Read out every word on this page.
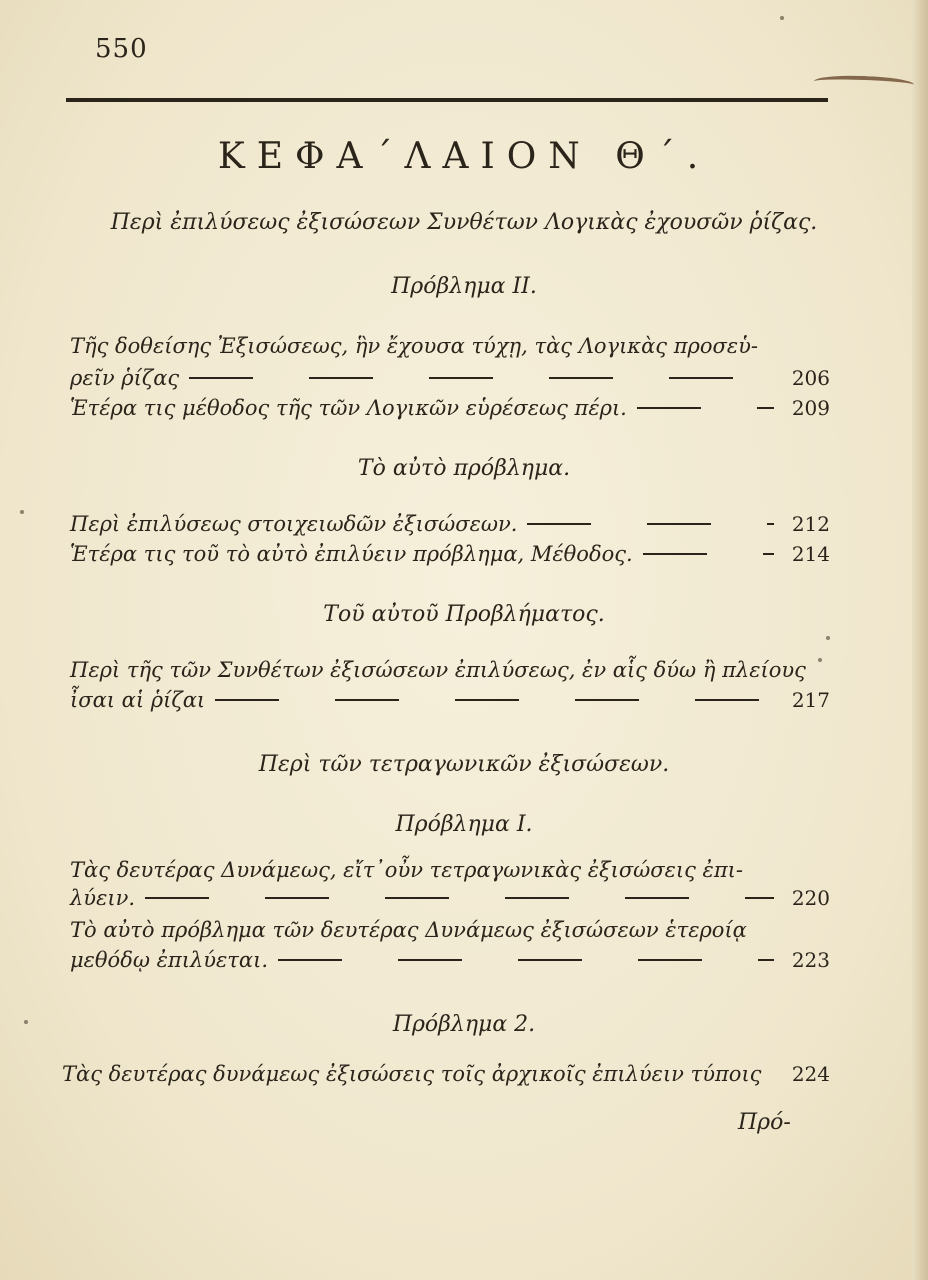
550
ΚΕΦΑ΄ΛΑΙΟΝ Θ΄.
Περὶ ἐπιλύσεως ἐξισώσεων Συνθέτων Λογικὰς ἐχουσῶν ῥίζας.
Πρόβλημα II.
Τῆς δοθείσης Ἐξισώσεως, ἣν ἔχουσα τύχῃ, τὰς Λογικὰς προσεὑ-
ρεῖν ῥίζας	206
Ἑτέρα τις μέθοδος τῆς τῶν Λογικῶν εὑρέσεως πέρι.	209
Τὸ αὐτὸ πρόβλημα.
Περὶ ἐπιλύσεως στοιχειωδῶν ἐξισώσεων.	212
Ἑτέρα τις τοῦ τὸ αὐτὸ ἐπιλύειν πρόβλημα, Μέθοδος.	214
Τοῦ αὐτοῦ Προβλήματος.
Περὶ τῆς τῶν Συνθέτων ἐξισώσεων ἐπιλύσεως, ἐν αἷς δύω ἢ πλείους
ἶσαι αἱ ῥίζαι	217
Περὶ τῶν τετραγωνικῶν ἐξισώσεων.
Πρόβλημα I.
Τὰς δευτέρας Δυνάμεως, εἴτ᾽οὖν τετραγωνικὰς ἐξισώσεις ἐπι-
λύειν.	220
Τὸ αὐτὸ πρόβλημα τῶν δευτέρας Δυνάμεως ἐξισώσεων ἑτεροίᾳ
μεθόδῳ ἐπιλύεται.	223
Πρόβλημα 2.
Τὰς δευτέρας δυνάμεως ἐξισώσεις τοῖς ἀρχικοῖς ἐπιλύειν τύποις	224
Πρό-
